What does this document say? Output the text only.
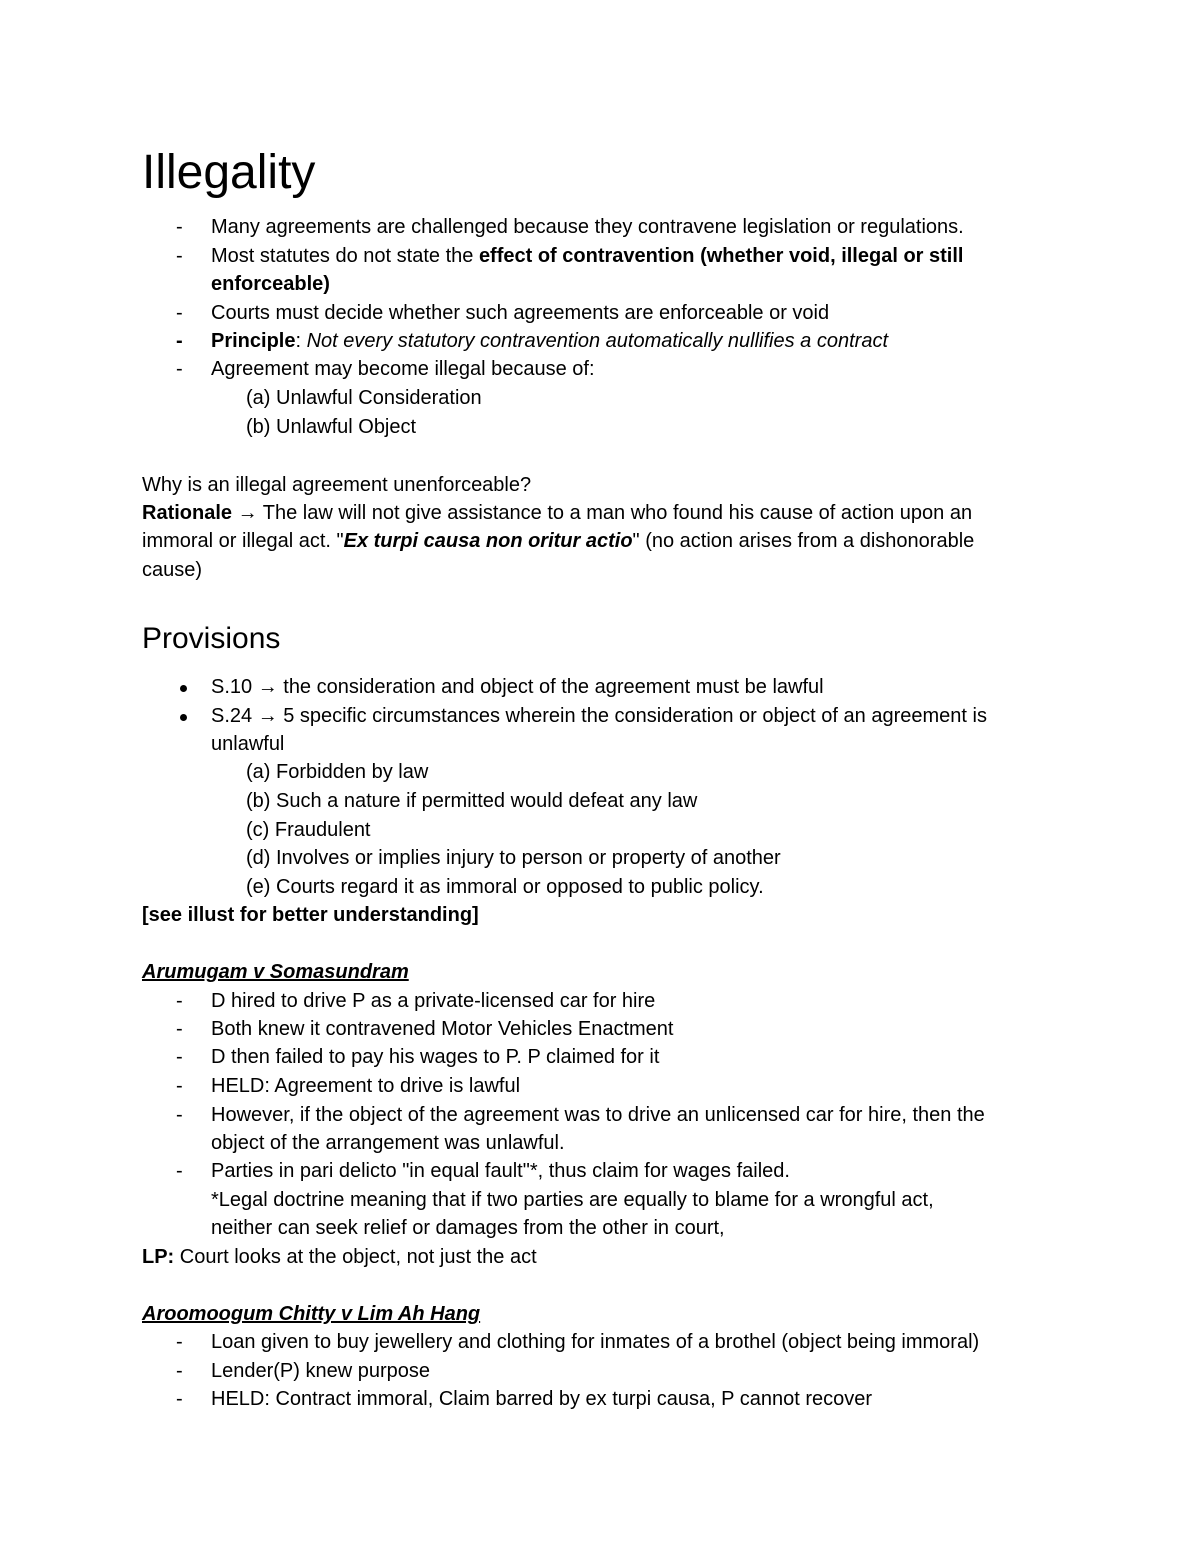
Illegality
-	Many agreements are challenged because they contravene legislation or regulations.
-	Most statutes do not state the effect of contravention (whether void, illegal or still
enforceable)
-	Courts must decide whether such agreements are enforceable or void
-	Principle: Not every statutory contravention automatically nullifies a contract
-	Agreement may become illegal because of:
(a) Unlawful Consideration
(b) Unlawful Object
Why is an illegal agreement unenforceable?
Rationale → The law will not give assistance to a man who found his cause of action upon an
immoral or illegal act. "Ex turpi causa non oritur actio" (no action arises from a dishonorable
cause)
Provisions
S.10 → the consideration and object of the agreement must be lawful
S.24 → 5 specific circumstances wherein the consideration or object of an agreement is
unlawful
(a) Forbidden by law
(b) Such a nature if permitted would defeat any law
(c) Fraudulent
(d) Involves or implies injury to person or property of another
(e) Courts regard it as immoral or opposed to public policy.
[see illust for better understanding]
Arumugam v Somasundram
-	D hired to drive P as a private-licensed car for hire
-	Both knew it contravened Motor Vehicles Enactment
-	D then failed to pay his wages to P. P claimed for it
-	HELD: Agreement to drive is lawful
-	However, if the object of the agreement was to drive an unlicensed car for hire, then the
object of the arrangement was unlawful.
-	Parties in pari delicto "in equal fault"*, thus claim for wages failed.
*Legal doctrine meaning that if two parties are equally to blame for a wrongful act,
neither can seek relief or damages from the other in court,
LP: Court looks at the object, not just the act
Aroomoogum Chitty v Lim Ah Hang
-	Loan given to buy jewellery and clothing for inmates of a brothel (object being immoral)
-	Lender(P) knew purpose
-	HELD: Contract immoral, Claim barred by ex turpi causa, P cannot recover
